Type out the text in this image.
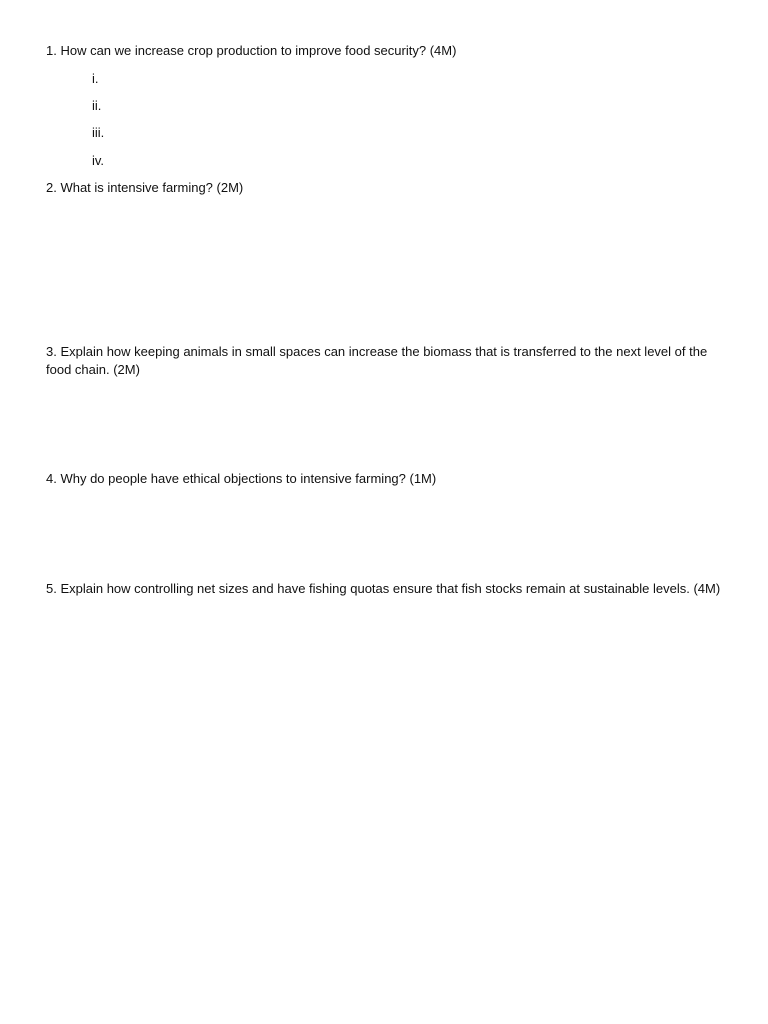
1. How can we increase crop production to improve food security? (4M)

i.

ii.

iii.

iv.

2. What is intensive farming? (2M)

3. Explain how keeping animals in small spaces can increase the biomass that is transferred to the next level of the food chain. (2M)

4. Why do people have ethical objections to intensive farming? (1M)

5. Explain how controlling net sizes and have fishing quotas ensure that fish stocks remain at sustainable levels. (4M)
